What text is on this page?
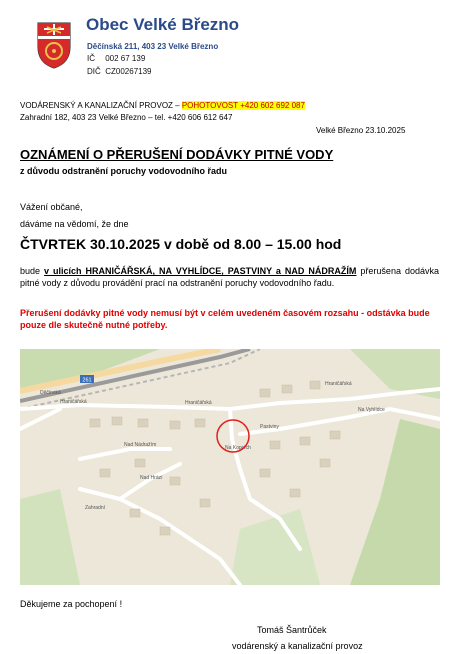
Obec Velké Březno
Děčínská 211, 403 23 Velké Březno
IČ 002 67 139
DIČ CZ00267139
VODÁRENSKÝ A KANALIZAČNÍ PROVOZ – POHOTOVOST +420 602 692 087
Zahradní 182, 403 23 Velké Březno – tel. +420 606 612 647
Velké Březno 23.10.2025
OZNÁMENÍ O PŘERUŠENÍ DODÁVKY PITNÉ VODY
z důvodu odstranění poruchy vodovodního řadu
Vážení občané,
dáváme na vědomí, že dne
ČTVRTEK 30.10.2025 v době od 8.00 – 15.00 hod
bude v ulicích HRANIČÁŘSKÁ, NA VYHLÍDCE, PASTVINY a NAD NÁDRAŽÍM přerušena dodávka pitné vody z důvodu provádění prací na odstranění poruchy vodovodního řadu.
Přerušení dodávky pitné vody nemusí být v celém uvedeném časovém rozsahu - odstávka bude pouze dle skutečně nutné potřeby.
261
Děčínská
Hraničářská	Hraničářská
Hraničářská
Na Vyhlídce
Pastviny
Nad Nádražím
Zahradní
Nad Hrází
Na Kopcích
Děkujeme za pochopení !
Tomáš Šantrůček
vodárenský a kanalizační provoz
